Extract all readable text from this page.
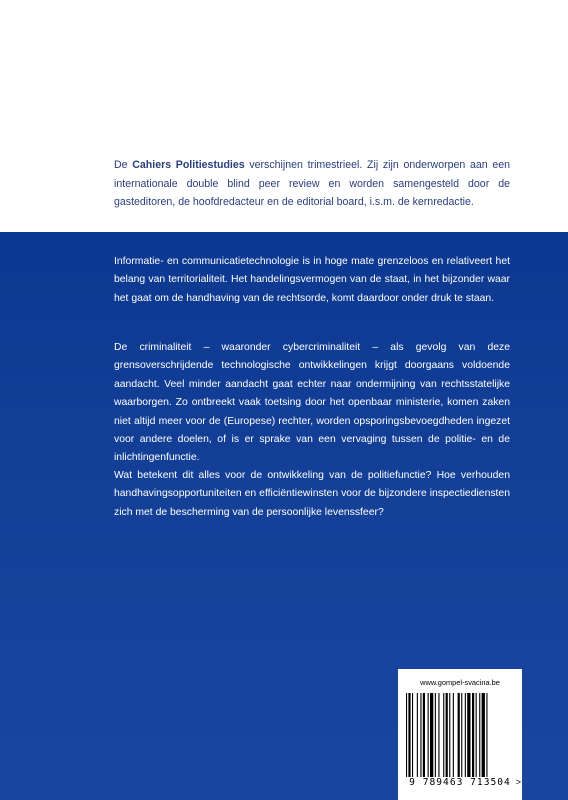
De Cahiers Politiestudies verschijnen trimestrieel. Zij zijn onderworpen aan een internationale double blind peer review en worden samengesteld door de gasteditoren, de hoofdredacteur en de editorial board, i.s.m. de kernredactie.

Informatie- en communicatietechnologie is in hoge mate grenzeloos en relativeert het belang van territorialiteit. Het handelingsvermogen van de staat, in het bijzonder waar het gaat om de handhaving van de rechtsorde, komt daardoor onder druk te staan.

De criminaliteit – waaronder cybercriminaliteit – als gevolg van deze grensoverschrijdende technologische ontwikkelingen krijgt doorgaans voldoende aandacht. Veel minder aandacht gaat echter naar ondermijning van rechtsstatelijke waarborgen. Zo ontbreekt vaak toetsing door het openbaar ministerie, komen zaken niet altijd meer voor de (Europese) rechter, worden opsporingsbevoegdheden ingezet voor andere doelen, of is er sprake van een vervaging tussen de politie- en de inlichtingenfunctie.

Wat betekent dit alles voor de ontwikkeling van de politiefunctie? Hoe verhouden handhavingsopportuniteiten en efficiëntiewinsten voor de bijzondere inspectiediensten zich met de bescherming van de persoonlijke levenssfeer?

www.gompel-svacina.be

9 789463 713504 >
